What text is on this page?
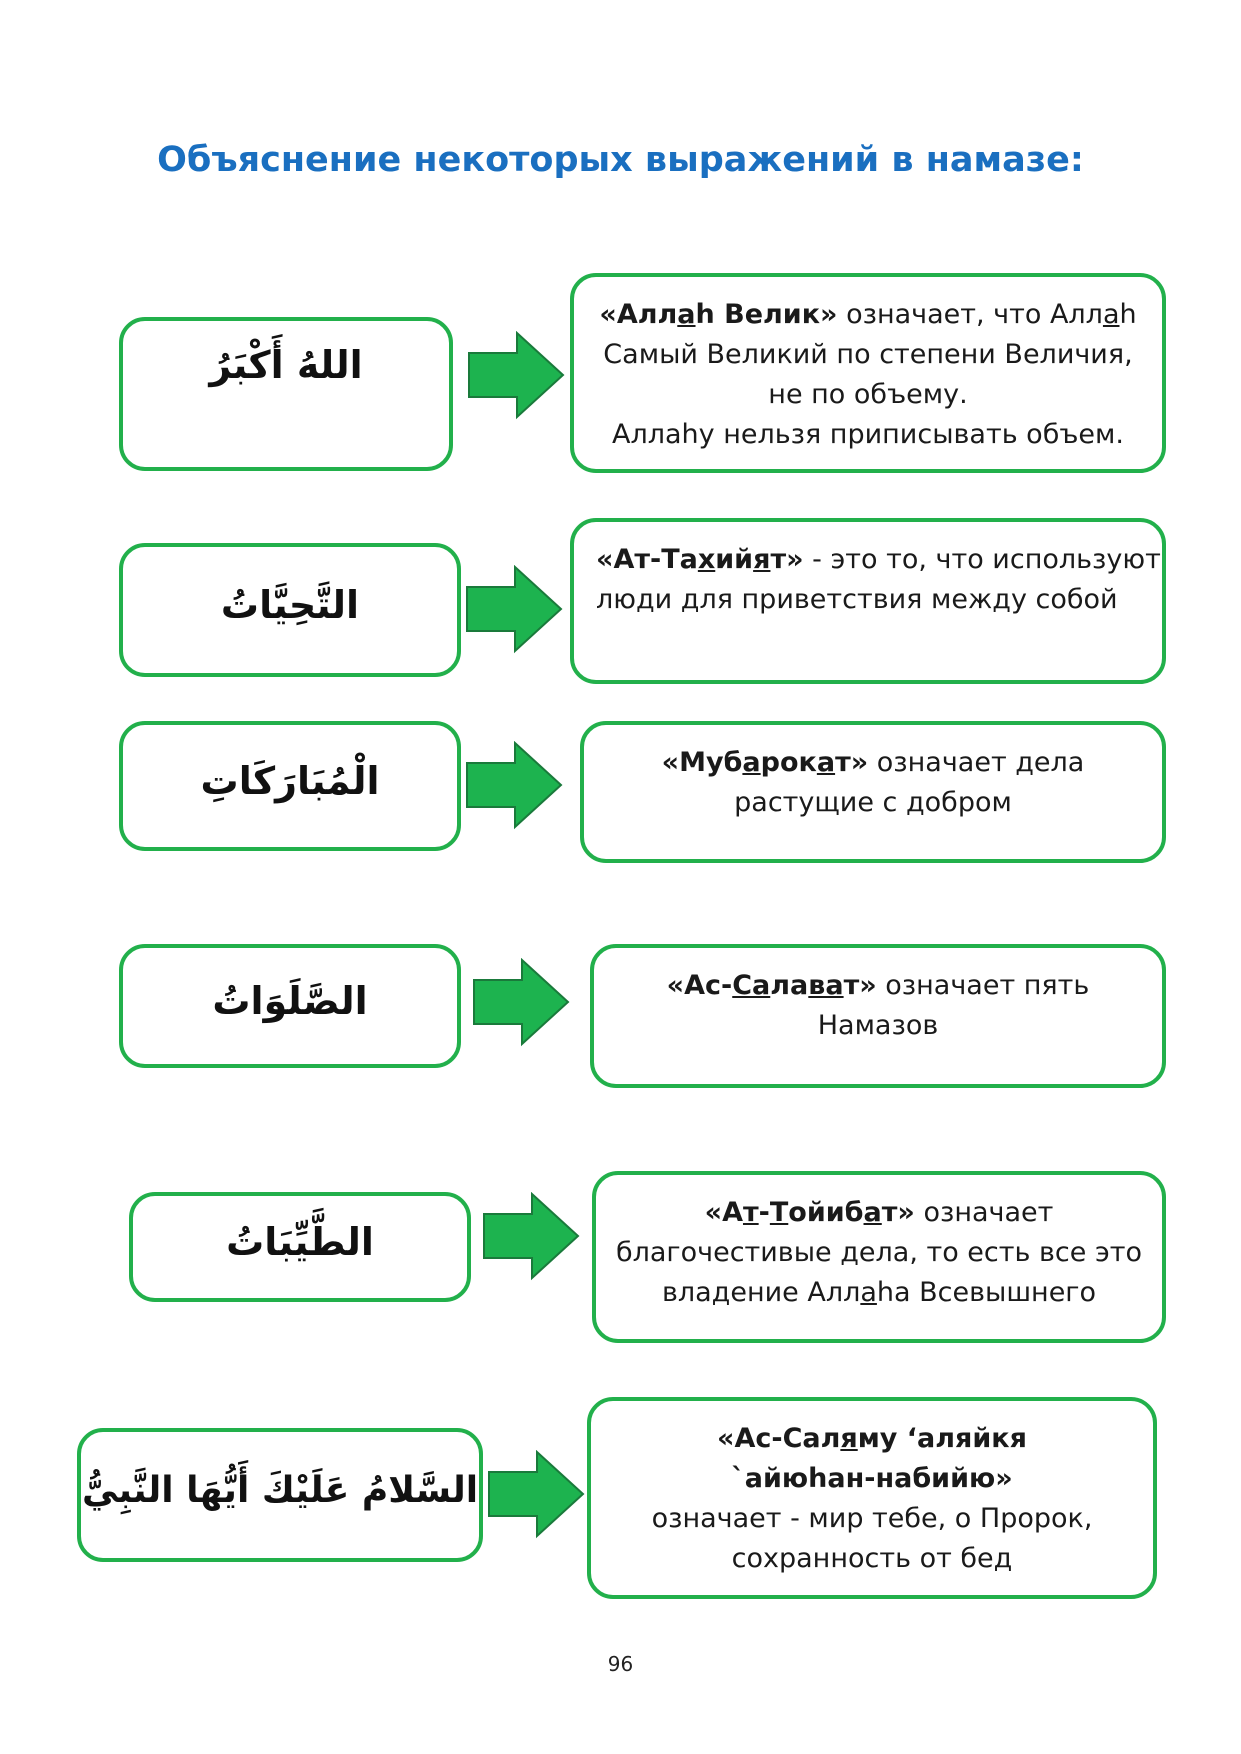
Объяснение некоторых выражений в намазе:
اللهُ أَكْبَرُ
«Аллah Велик» означает, что Аллah
Самый Великий по степени Величия,
не по объему.
Аллаhу нельзя приписывать объем.
التَّحِيَّاتُ
«Ат-Тахийят» - это то, что используют
люди для приветствия между собой
الْمُبَارَكَاتِ	«Мубарокат» означает дела
растущие с добром
الصَّلَوَاتُ	«Ас-Салават» означает пять
Намазов
الطَّيِّبَاتُ
«Ат-Тойибат» означает
благочестивые дела, то есть все это
владение Аллаhа Всевышнего
السَّلامُ عَلَيْكَ أَيُّهَا النَّبِيُّ
«Ас-Саляму ‘аляйкя
`айюhан-набийю»
означает - мир тебе, о Пророк,
сохранность от бед
96
